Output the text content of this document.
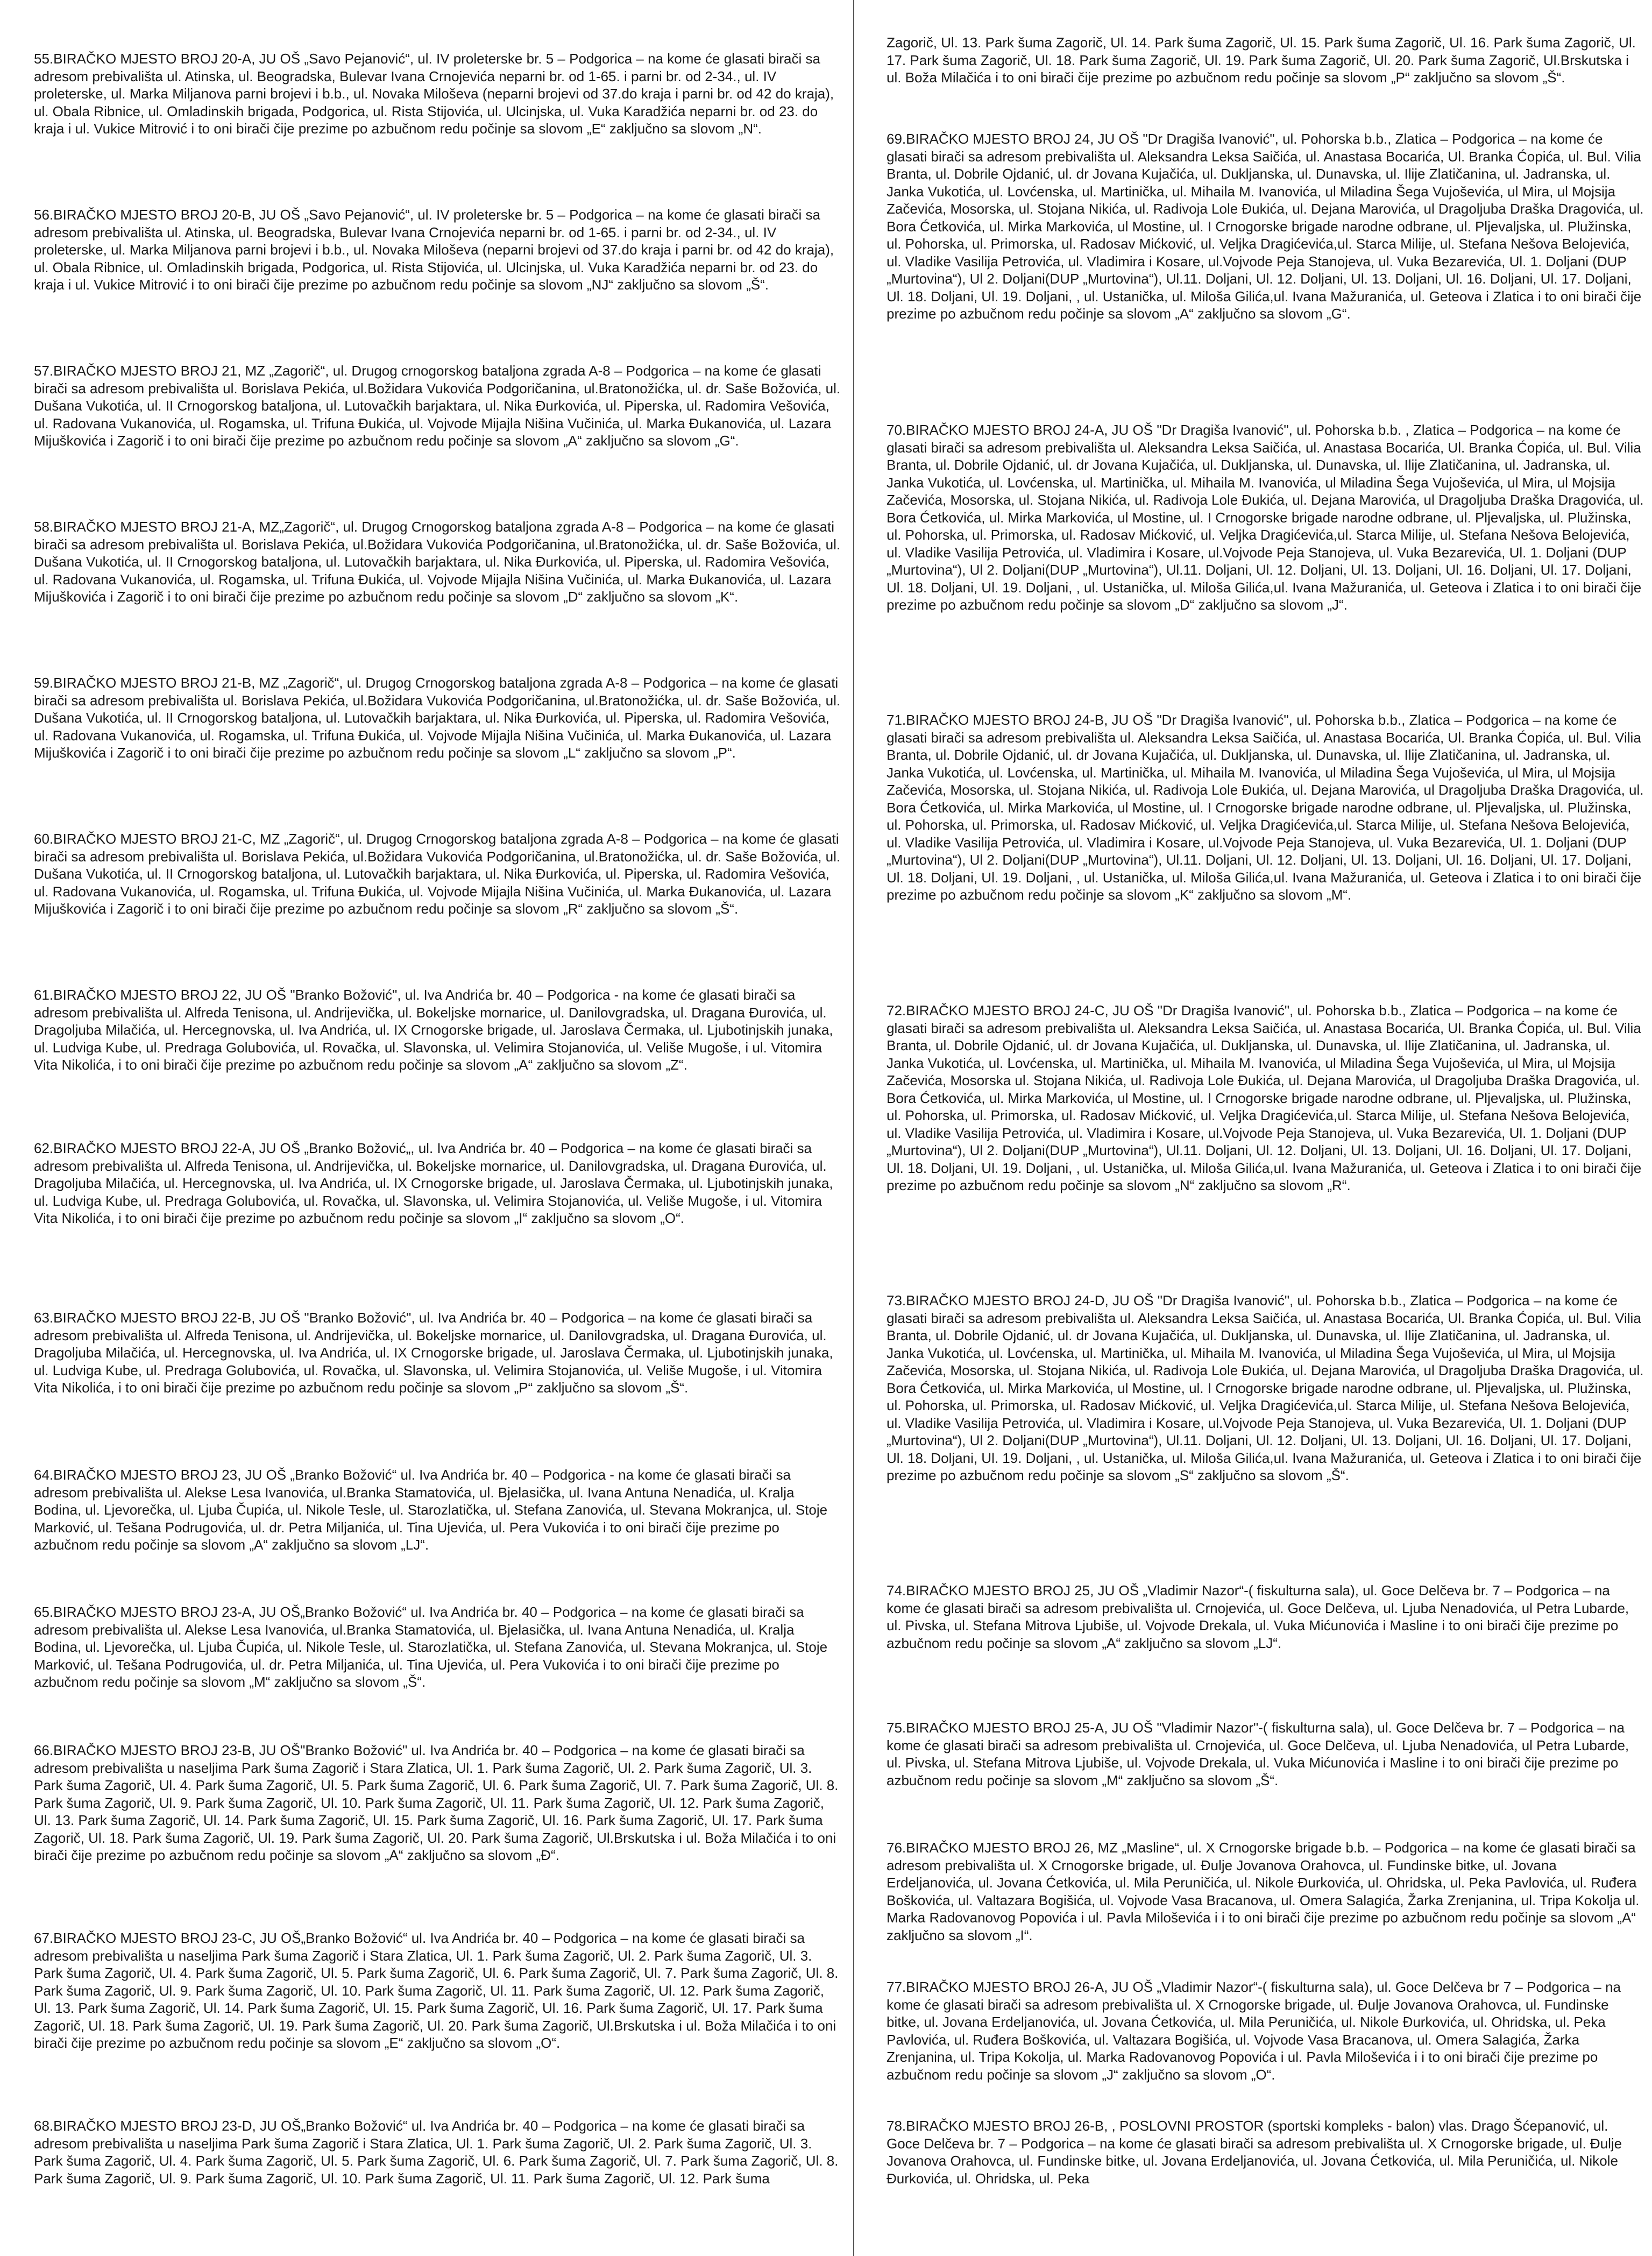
55.BIRAČKO MJESTO BROJ 20-A, JU OŠ „Savo Pejanović“, ul. IV proleterske br. 5 – Podgorica – na kome će glasati birači sa adresom prebivališta ul. Atinska, ul. Beogradska, Bulevar Ivana Crnojevića neparni br. od 1-65. i parni br. od 2-34., ul. IV proleterske, ul. Marka Miljanova parni brojevi i b.b., ul. Novaka Miloševa (neparni brojevi od 37.do kraja i parni br. od 42 do kraja), ul. Obala Ribnice, ul. Omladinskih brigada, Podgorica, ul. Rista Stijovića, ul. Ulcinjska, ul. Vuka Karadžića neparni br. od 23. do kraja i ul. Vukice Mitrović i to oni birači čije prezime po azbučnom redu počinje sa slovom „E“ zaključno sa slovom „N“.

56.BIRAČKO MJESTO BROJ 20-B, JU OŠ „Savo Pejanović“, ul. IV proleterske br. 5 – Podgorica – na kome će glasati birači sa adresom prebivališta ul. Atinska, ul. Beogradska, Bulevar Ivana Crnojevića neparni br. od 1-65. i parni br. od 2-34., ul. IV proleterske, ul. Marka Miljanova parni brojevi i b.b., ul. Novaka Miloševa (neparni brojevi od 37.do kraja i parni br. od 42 do kraja), ul. Obala Ribnice, ul. Omladinskih brigada, Podgorica, ul. Rista Stijovića, ul. Ulcinjska, ul. Vuka Karadžića neparni br. od 23. do kraja i ul. Vukice Mitrović i to oni birači čije prezime po azbučnom redu počinje sa slovom „NJ“ zaključno sa slovom „Š“.

57.BIRAČKO MJESTO BROJ 21, MZ „Zagorič“, ul. Drugog crnogorskog bataljona zgrada A-8 – Podgorica – na kome će glasati birači sa adresom prebivališta ul. Borislava Pekića, ul.Božidara Vukovića Podgoričanina, ul.Bratonožićka, ul. dr. Saše Božovića, ul. Dušana Vukotića, ul. II Crnogorskog bataljona, ul. Lutovačkih barjaktara, ul. Nika Đurkovića, ul. Piperska, ul. Radomira Vešovića, ul. Radovana Vukanovića, ul. Rogamska, ul. Trifuna Đukića, ul. Vojvode Mijajla Nišina Vučinića, ul. Marka Đukanovića, ul. Lazara Mijuškovića i Zagorič i to oni birači čije prezime po azbučnom redu počinje sa slovom „A“ zaključno sa slovom „G“.

58.BIRAČKO MJESTO BROJ 21-A, MZ„Zagorič“, ul. Drugog Crnogorskog bataljona zgrada A-8 – Podgorica – na kome će glasati birači sa adresom prebivališta ul. Borislava Pekića, ul.Božidara Vukovića Podgoričanina, ul.Bratonožićka, ul. dr. Saše Božovića, ul. Dušana Vukotića, ul. II Crnogorskog bataljona, ul. Lutovačkih barjaktara, ul. Nika Đurkovića, ul. Piperska, ul. Radomira Vešovića, ul. Radovana Vukanovića, ul. Rogamska, ul. Trifuna Đukića, ul. Vojvode Mijajla Nišina Vučinića, ul. Marka Đukanovića, ul. Lazara Mijuškovića i Zagorič i to oni birači čije prezime po azbučnom redu počinje sa slovom „D“ zaključno sa slovom „K“.

59.BIRAČKO MJESTO BROJ 21-B, MZ „Zagorič“, ul. Drugog Crnogorskog bataljona zgrada A-8 – Podgorica – na kome će glasati birači sa adresom prebivališta ul. Borislava Pekića, ul.Božidara Vukovića Podgoričanina, ul.Bratonožićka, ul. dr. Saše Božovića, ul. Dušana Vukotića, ul. II Crnogorskog bataljona, ul. Lutovačkih barjaktara, ul. Nika Đurkovića, ul. Piperska, ul. Radomira Vešovića, ul. Radovana Vukanovića, ul. Rogamska, ul. Trifuna Đukića, ul. Vojvode Mijajla Nišina Vučinića, ul. Marka Đukanovića, ul. Lazara Mijuškovića i Zagorič i to oni birači čije prezime po azbučnom redu počinje sa slovom „L“ zaključno sa slovom „P“.

60.BIRAČKO MJESTO BROJ 21-C, MZ „Zagorič“, ul. Drugog Crnogorskog bataljona zgrada A-8 – Podgorica – na kome će glasati birači sa adresom prebivališta ul. Borislava Pekića, ul.Božidara Vukovića Podgoričanina, ul.Bratonožićka, ul. dr. Saše Božovića, ul. Dušana Vukotića, ul. II Crnogorskog bataljona, ul. Lutovačkih barjaktara, ul. Nika Đurkovića, ul. Piperska, ul. Radomira Vešovića, ul. Radovana Vukanovića, ul. Rogamska, ul. Trifuna Đukića, ul. Vojvode Mijajla Nišina Vučinića, ul. Marka Đukanovića, ul. Lazara Mijuškovića i Zagorič i to oni birači čije prezime po azbučnom redu počinje sa slovom „R“ zaključno sa slovom „Š“.

61.BIRAČKO MJESTO BROJ 22, JU OŠ "Branko Božović", ul. Iva Andrića br. 40 – Podgorica - na kome će glasati birači sa adresom prebivališta ul. Alfreda Tenisona, ul. Andrijevička, ul. Bokeljske mornarice, ul. Danilovgradska, ul. Dragana Đurovića, ul. Dragoljuba Milačića, ul. Hercegnovska, ul. Iva Andrića, ul. IX Crnogorske brigade, ul. Jaroslava Čermaka, ul. Ljubotinjskih junaka, ul. Ludviga Kube, ul. Predraga Golubovića, ul. Rovačka, ul. Slavonska, ul. Velimira Stojanovića, ul. Veliše Mugoše, i ul. Vitomira Vita Nikolića, i to oni birači čije prezime po azbučnom redu počinje sa slovom „A“ zaključno sa slovom „Z“.

62.BIRAČKO MJESTO BROJ 22-A, JU OŠ „Branko Božović„, ul. Iva Andrića br. 40 – Podgorica – na kome će glasati birači sa adresom prebivališta ul. Alfreda Tenisona, ul. Andrijevička, ul. Bokeljske mornarice, ul. Danilovgradska, ul. Dragana Đurovića, ul. Dragoljuba Milačića, ul. Hercegnovska, ul. Iva Andrića, ul. IX Crnogorske brigade, ul. Jaroslava Čermaka, ul. Ljubotinjskih junaka, ul. Ludviga Kube, ul. Predraga Golubovića, ul. Rovačka, ul. Slavonska, ul. Velimira Stojanovića, ul. Veliše Mugoše, i ul. Vitomira Vita Nikolića, i to oni birači čije prezime po azbučnom redu počinje sa slovom „I“ zaključno sa slovom „O“.

63.BIRAČKO MJESTO BROJ 22-B, JU OŠ "Branko Božović", ul. Iva Andrića br. 40 – Podgorica – na kome će glasati birači sa adresom prebivališta ul. Alfreda Tenisona, ul. Andrijevička, ul. Bokeljske mornarice, ul. Danilovgradska, ul. Dragana Đurovića, ul. Dragoljuba Milačića, ul. Hercegnovska, ul. Iva Andrića, ul. IX Crnogorske brigade, ul. Jaroslava Čermaka, ul. Ljubotinjskih junaka, ul. Ludviga Kube, ul. Predraga Golubovića, ul. Rovačka, ul. Slavonska, ul. Velimira Stojanovića, ul. Veliše Mugoše, i ul. Vitomira Vita Nikolića, i to oni birači čije prezime po azbučnom redu počinje sa slovom „P“ zaključno sa slovom „Š“.

64.BIRAČKO MJESTO BROJ 23, JU OŠ „Branko Božović“ ul. Iva Andrića br. 40 – Podgorica - na kome će glasati birači sa adresom prebivališta ul. Alekse Lesa Ivanovića, ul.Branka Stamatovića, ul. Bjelasička, ul. Ivana Antuna Nenadića, ul. Kralja Bodina, ul. Ljevorečka, ul. Ljuba Čupića, ul. Nikole Tesle, ul. Starozlatička, ul. Stefana Zanovića, ul. Stevana Mokranjca, ul. Stoje Marković, ul. Tešana Podrugovića, ul. dr. Petra Miljanića, ul. Tina Ujevića, ul. Pera Vukovića i to oni birači čije prezime po azbučnom redu počinje sa slovom „A“ zaključno sa slovom „LJ“.

65.BIRAČKO MJESTO BROJ 23-A, JU OŠ„Branko Božović“ ul. Iva Andrića br. 40 – Podgorica – na kome će glasati birači sa adresom prebivališta ul. Alekse Lesa Ivanovića, ul.Branka Stamatovića, ul. Bjelasička, ul. Ivana Antuna Nenadića, ul. Kralja Bodina, ul. Ljevorečka, ul. Ljuba Čupića, ul. Nikole Tesle, ul. Starozlatička, ul. Stefana Zanovića, ul. Stevana Mokranjca, ul. Stoje Marković, ul. Tešana Podrugovića, ul. dr. Petra Miljanića, ul. Tina Ujevića, ul. Pera Vukovića i to oni birači čije prezime po azbučnom redu počinje sa slovom „M“ zaključno sa slovom „Š“.

66.BIRAČKO MJESTO BROJ 23-B, JU OŠ"Branko Božović" ul. Iva Andrića br. 40 – Podgorica – na kome će glasati birači sa adresom prebivališta u naseljima Park šuma Zagorič i Stara Zlatica, Ul. 1. Park šuma Zagorič, Ul. 2. Park šuma Zagorič, Ul. 3. Park šuma Zagorič, Ul. 4. Park šuma Zagorič, Ul. 5. Park šuma Zagorič, Ul. 6. Park šuma Zagorič, Ul. 7. Park šuma Zagorič, Ul. 8. Park šuma Zagorič, Ul. 9. Park šuma Zagorič, Ul. 10. Park šuma Zagorič, Ul. 11. Park šuma Zagorič, Ul. 12. Park šuma Zagorič, Ul. 13. Park šuma Zagorič, Ul. 14. Park šuma Zagorič, Ul. 15. Park šuma Zagorič, Ul. 16. Park šuma Zagorič, Ul. 17. Park šuma Zagorič, Ul. 18. Park šuma Zagorič, Ul. 19. Park šuma Zagorič, Ul. 20. Park šuma Zagorič, Ul.Brskutska i ul. Boža Milačića i to oni birači čije prezime po azbučnom redu počinje sa slovom „A“ zaključno sa slovom „Đ“.

67.BIRAČKO MJESTO BROJ 23-C, JU OŠ„Branko Božović“ ul. Iva Andrića br. 40 – Podgorica – na kome će glasati birači sa adresom prebivališta u naseljima Park šuma Zagorič i Stara Zlatica, Ul. 1. Park šuma Zagorič, Ul. 2. Park šuma Zagorič, Ul. 3. Park šuma Zagorič, Ul. 4. Park šuma Zagorič, Ul. 5. Park šuma Zagorič, Ul. 6. Park šuma Zagorič, Ul. 7. Park šuma Zagorič, Ul. 8. Park šuma Zagorič, Ul. 9. Park šuma Zagorič, Ul. 10. Park šuma Zagorič, Ul. 11. Park šuma Zagorič, Ul. 12. Park šuma Zagorič, Ul. 13. Park šuma Zagorič, Ul. 14. Park šuma Zagorič, Ul. 15. Park šuma Zagorič, Ul. 16. Park šuma Zagorič, Ul. 17. Park šuma Zagorič, Ul. 18. Park šuma Zagorič, Ul. 19. Park šuma Zagorič, Ul. 20. Park šuma Zagorič, Ul.Brskutska i ul. Boža Milačića i to oni birači čije prezime po azbučnom redu počinje sa slovom „E“ zaključno sa slovom „O“.

68.BIRAČKO MJESTO BROJ 23-D, JU OŠ„Branko Božović“ ul. Iva Andrića br. 40 – Podgorica – na kome će glasati birači sa adresom prebivališta u naseljima Park šuma Zagorič i Stara Zlatica, Ul. 1. Park šuma Zagorič, Ul. 2. Park šuma Zagorič, Ul. 3. Park šuma Zagorič, Ul. 4. Park šuma Zagorič, Ul. 5. Park šuma Zagorič, Ul. 6. Park šuma Zagorič, Ul. 7. Park šuma Zagorič, Ul. 8. Park šuma Zagorič, Ul. 9. Park šuma Zagorič, Ul. 10. Park šuma Zagorič, Ul. 11. Park šuma Zagorič, Ul. 12. Park šuma

Zagorič, Ul. 13. Park šuma Zagorič, Ul. 14. Park šuma Zagorič, Ul. 15. Park šuma Zagorič, Ul. 16. Park šuma Zagorič, Ul. 17. Park šuma Zagorič, Ul. 18. Park šuma Zagorič, Ul. 19. Park šuma Zagorič, Ul. 20. Park šuma Zagorič, Ul.Brskutska i ul. Boža Milačića i to oni birači čije prezime po azbučnom redu počinje sa slovom „P“ zaključno sa slovom „Š“.

69.BIRAČKO MJESTO BROJ 24, JU OŠ "Dr Dragiša Ivanović", ul. Pohorska b.b., Zlatica – Podgorica – na kome će glasati birači sa adresom prebivališta ul. Aleksandra Leksa Saičića, ul. Anastasa Bocarića, Ul. Branka Ćopića, ul. Bul. Vilia Branta, ul. Dobrile Ojdanić, ul. dr Jovana Kujačića, ul. Dukljanska, ul. Dunavska, ul. Ilije Zlatičanina, ul. Jadranska, ul. Janka Vukotića, ul. Lovćenska, ul. Martinička, ul. Mihaila M. Ivanovića, ul Miladina Šega Vujoševića, ul Mira, ul Mojsija Začevića, Mosorska, ul. Stojana Nikića, ul. Radivoja Lole Đukića, ul. Dejana Marovića, ul Dragoljuba Draška Dragovića, ul. Bora Ćetkovića, ul. Mirka Markovića, ul Mostine, ul. I Crnogorske brigade narodne odbrane, ul. Pljevaljska, ul. Plužinska, ul. Pohorska, ul. Primorska, ul. Radosav Mićković, ul. Veljka Dragićevića,ul. Starca Milije, ul. Stefana Nešova Belojevića, ul. Vladike Vasilija Petrovića, ul. Vladimira i Kosare, ul.Vojvode Peja Stanojeva, ul. Vuka Bezarevića, Ul. 1. Doljani (DUP „Murtovina“), Ul 2. Doljani(DUP „Murtovina“), Ul.11. Doljani, Ul. 12. Doljani, Ul. 13. Doljani, Ul. 16. Doljani, Ul. 17. Doljani, Ul. 18. Doljani, Ul. 19. Doljani, , ul. Ustanička, ul. Miloša Gilića,ul. Ivana Mažuranića, ul. Geteova i Zlatica i to oni birači čije prezime po azbučnom redu počinje sa slovom „A“ zaključno sa slovom „G“.

70.BIRAČKO MJESTO BROJ 24-A, JU OŠ "Dr Dragiša Ivanović", ul. Pohorska b.b. , Zlatica – Podgorica – na kome će glasati birači sa adresom prebivališta ul. Aleksandra Leksa Saičića, ul. Anastasa Bocarića, Ul. Branka Ćopića, ul. Bul. Vilia Branta, ul. Dobrile Ojdanić, ul. dr Jovana Kujačića, ul. Dukljanska, ul. Dunavska, ul. Ilije Zlatičanina, ul. Jadranska, ul. Janka Vukotića, ul. Lovćenska, ul. Martinička, ul. Mihaila M. Ivanovića, ul Miladina Šega Vujoševića, ul Mira, ul Mojsija Začevića, Mosorska, ul. Stojana Nikića, ul. Radivoja Lole Đukića, ul. Dejana Marovića, ul Dragoljuba Draška Dragovića, ul. Bora Ćetkovića, ul. Mirka Markovića, ul Mostine, ul. I Crnogorske brigade narodne odbrane, ul. Pljevaljska, ul. Plužinska, ul. Pohorska, ul. Primorska, ul. Radosav Mićković, ul. Veljka Dragićevića,ul. Starca Milije, ul. Stefana Nešova Belojevića, ul. Vladike Vasilija Petrovića, ul. Vladimira i Kosare, ul.Vojvode Peja Stanojeva, ul. Vuka Bezarevića, Ul. 1. Doljani (DUP „Murtovina“), Ul 2. Doljani(DUP „Murtovina“), Ul.11. Doljani, Ul. 12. Doljani, Ul. 13. Doljani, Ul. 16. Doljani, Ul. 17. Doljani, Ul. 18. Doljani, Ul. 19. Doljani, , ul. Ustanička, ul. Miloša Gilića,ul. Ivana Mažuranića, ul. Geteova i Zlatica i to oni birači čije prezime po azbučnom redu počinje sa slovom „D“ zaključno sa slovom „J“.

71.BIRAČKO MJESTO BROJ 24-B, JU OŠ "Dr Dragiša Ivanović", ul. Pohorska b.b., Zlatica – Podgorica – na kome će glasati birači sa adresom prebivališta ul. Aleksandra Leksa Saičića, ul. Anastasa Bocarića, Ul. Branka Ćopića, ul. Bul. Vilia Branta, ul. Dobrile Ojdanić, ul. dr Jovana Kujačića, ul. Dukljanska, ul. Dunavska, ul. Ilije Zlatičanina, ul. Jadranska, ul. Janka Vukotića, ul. Lovćenska, ul. Martinička, ul. Mihaila M. Ivanovića, ul Miladina Šega Vujoševića, ul Mira, ul Mojsija Začevića, Mosorska, ul. Stojana Nikića, ul. Radivoja Lole Đukića, ul. Dejana Marovića, ul Dragoljuba Draška Dragovića, ul. Bora Ćetkovića, ul. Mirka Markovića, ul Mostine, ul. I Crnogorske brigade narodne odbrane, ul. Pljevaljska, ul. Plužinska, ul. Pohorska, ul. Primorska, ul. Radosav Mićković, ul. Veljka Dragićevića,ul. Starca Milije, ul. Stefana Nešova Belojevića, ul. Vladike Vasilija Petrovića, ul. Vladimira i Kosare, ul.Vojvode Peja Stanojeva, ul. Vuka Bezarevića, Ul. 1. Doljani (DUP „Murtovina“), Ul 2. Doljani(DUP „Murtovina“), Ul.11. Doljani, Ul. 12. Doljani, Ul. 13. Doljani, Ul. 16. Doljani, Ul. 17. Doljani, Ul. 18. Doljani, Ul. 19. Doljani, , ul. Ustanička, ul. Miloša Gilića,ul. Ivana Mažuranića, ul. Geteova i Zlatica i to oni birači čije prezime po azbučnom redu počinje sa slovom „K“ zaključno sa slovom „M“.

72.BIRAČKO MJESTO BROJ 24-C, JU OŠ "Dr Dragiša Ivanović", ul. Pohorska b.b., Zlatica – Podgorica – na kome će glasati birači sa adresom prebivališta ul. Aleksandra Leksa Saičića, ul. Anastasa Bocarića, Ul. Branka Ćopića, ul. Bul. Vilia Branta, ul. Dobrile Ojdanić, ul. dr Jovana Kujačića, ul. Dukljanska, ul. Dunavska, ul. Ilije Zlatičanina, ul. Jadranska, ul. Janka Vukotića, ul. Lovćenska, ul. Martinička, ul. Mihaila M. Ivanovića, ul Miladina Šega Vujoševića, ul Mira, ul Mojsija Začevića, Mosorska ul. Stojana Nikića, ul. Radivoja Lole Đukića, ul. Dejana Marovića, ul Dragoljuba Draška Dragovića, ul. Bora Ćetkovića, ul. Mirka Markovića, ul Mostine, ul. I Crnogorske brigade narodne odbrane, ul. Pljevaljska, ul. Plužinska, ul. Pohorska, ul. Primorska, ul. Radosav Mićković, ul. Veljka Dragićevića,ul. Starca Milije, ul. Stefana Nešova Belojevića, ul. Vladike Vasilija Petrovića, ul. Vladimira i Kosare, ul.Vojvode Peja Stanojeva, ul. Vuka Bezarevića, Ul. 1. Doljani (DUP „Murtovina“), Ul 2. Doljani(DUP „Murtovina“), Ul.11. Doljani, Ul. 12. Doljani, Ul. 13. Doljani, Ul. 16. Doljani, Ul. 17. Doljani, Ul. 18. Doljani, Ul. 19. Doljani, , ul. Ustanička, ul. Miloša Gilića,ul. Ivana Mažuranića, ul. Geteova i Zlatica i to oni birači čije prezime po azbučnom redu počinje sa slovom „N“ zaključno sa slovom „R“.

73.BIRAČKO MJESTO BROJ 24-D, JU OŠ "Dr Dragiša Ivanović", ul. Pohorska b.b., Zlatica – Podgorica – na kome će glasati birači sa adresom prebivališta ul. Aleksandra Leksa Saičića, ul. Anastasa Bocarića, Ul. Branka Ćopića, ul. Bul. Vilia Branta, ul. Dobrile Ojdanić, ul. dr Jovana Kujačića, ul. Dukljanska, ul. Dunavska, ul. Ilije Zlatičanina, ul. Jadranska, ul. Janka Vukotića, ul. Lovćenska, ul. Martinička, ul. Mihaila M. Ivanovića, ul Miladina Šega Vujoševića, ul Mira, ul Mojsija Začevića, Mosorska, ul. Stojana Nikića, ul. Radivoja Lole Đukića, ul. Dejana Marovića, ul Dragoljuba Draška Dragovića, ul. Bora Ćetkovića, ul. Mirka Markovića, ul Mostine, ul. I Crnogorske brigade narodne odbrane, ul. Pljevaljska, ul. Plužinska, ul. Pohorska, ul. Primorska, ul. Radosav Mićković, ul. Veljka Dragićevića,ul. Starca Milije, ul. Stefana Nešova Belojevića, ul. Vladike Vasilija Petrovića, ul. Vladimira i Kosare, ul.Vojvode Peja Stanojeva, ul. Vuka Bezarevića, Ul. 1. Doljani (DUP „Murtovina“), Ul 2. Doljani(DUP „Murtovina“), Ul.11. Doljani, Ul. 12. Doljani, Ul. 13. Doljani, Ul. 16. Doljani, Ul. 17. Doljani, Ul. 18. Doljani, Ul. 19. Doljani, , ul. Ustanička, ul. Miloša Gilića,ul. Ivana Mažuranića, ul. Geteova i Zlatica i to oni birači čije prezime po azbučnom redu počinje sa slovom „S“ zaključno sa slovom „Š“.

74.BIRAČKO MJESTO BROJ 25, JU OŠ „Vladimir Nazor“-( fiskulturna sala), ul. Goce Delčeva br. 7 – Podgorica – na kome će glasati birači sa adresom prebivališta ul. Crnojevića, ul. Goce Delčeva, ul. Ljuba Nenadovića, ul Petra Lubarde, ul. Pivska, ul. Stefana Mitrova Ljubiše, ul. Vojvode Drekala, ul. Vuka Mićunovića i Masline i to oni birači čije prezime po azbučnom redu počinje sa slovom „A“ zaključno sa slovom „LJ“.

75.BIRAČKO MJESTO BROJ 25-A, JU OŠ "Vladimir Nazor"-( fiskulturna sala), ul. Goce Delčeva br. 7 – Podgorica – na kome će glasati birači sa adresom prebivališta ul. Crnojevića, ul. Goce Delčeva, ul. Ljuba Nenadovića, ul Petra Lubarde, ul. Pivska, ul. Stefana Mitrova Ljubiše, ul. Vojvode Drekala, ul. Vuka Mićunovića i Masline i to oni birači čije prezime po azbučnom redu počinje sa slovom „M“ zaključno sa slovom „Š“.

76.BIRAČKO MJESTO BROJ 26, MZ „Masline“, ul. X Crnogorske brigade b.b. – Podgorica – na kome će glasati birači sa adresom prebivališta ul. X Crnogorske brigade, ul. Đulje Jovanova Orahovca, ul. Fundinske bitke, ul. Jovana Erdeljanovića, ul. Jovana Ćetkovića, ul. Mila Peruničića, ul. Nikole Đurkovića, ul. Ohridska, ul. Peka Pavlovića, ul. Ruđera Boškovića, ul. Valtazara Bogišića, ul. Vojvode Vasa Bracanova, ul. Omera Salagića, Žarka Zrenjanina, ul. Tripa Kokolja ul. Marka Radovanovog Popovića i ul. Pavla Miloševića i i to oni birači čije prezime po azbučnom redu počinje sa slovom „A“ zaključno sa slovom „I“.

77.BIRAČKO MJESTO BROJ 26-A, JU OŠ „Vladimir Nazor“-( fiskulturna sala), ul. Goce Delčeva br 7 – Podgorica – na kome će glasati birači sa adresom prebivališta ul. X Crnogorske brigade, ul. Đulje Jovanova Orahovca, ul. Fundinske bitke, ul. Jovana Erdeljanovića, ul. Jovana Ćetkovića, ul. Mila Peruničića, ul. Nikole Đurkovića, ul. Ohridska, ul. Peka Pavlovića, ul. Ruđera Boškovića, ul. Valtazara Bogišića, ul. Vojvode Vasa Bracanova, ul. Omera Salagića, Žarka Zrenjanina, ul. Tripa Kokolja, ul. Marka Radovanovog Popovića i ul. Pavla Miloševića i i to oni birači čije prezime po azbučnom redu počinje sa slovom „J“ zaključno sa slovom „O“.

78.BIRAČKO MJESTO BROJ 26-B, , POSLOVNI PROSTOR (sportski kompleks - balon) vlas. Drago Šćepanović, ul. Goce Delčeva br. 7 – Podgorica – na kome će glasati birači sa adresom prebivališta ul. X Crnogorske brigade, ul. Đulje Jovanova Orahovca, ul. Fundinske bitke, ul. Jovana Erdeljanovića, ul. Jovana Ćetkovića, ul. Mila Peruničića, ul. Nikole Đurkovića, ul. Ohridska, ul. Peka
